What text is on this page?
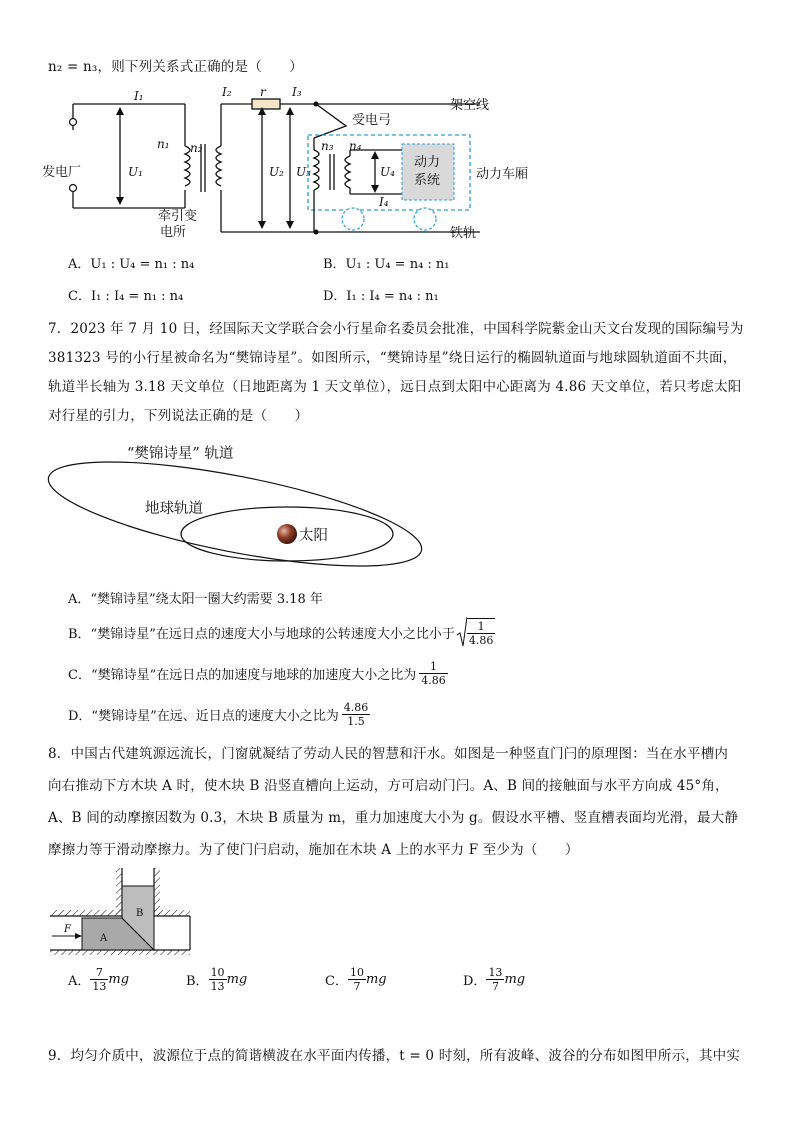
n₂ = n₃，则下列关系式正确的是（　　）
发电厂
牵引变
电所
架空线
受电弓
动力车厢
动力
系统
铁轨
I₁	I₂ r I₃
I₄
U₁	U₂ U₃	U₄
n₁ n₂	n₃ n₄
A．U₁ : U₄ = n₁ : n₄	B．U₁ : U₄ = n₄ : n₁
C．I₁ : I₄ = n₁ : n₄	D．I₁ : I₄ = n₄ : n₁
7．2023 年 7 月 10 日，经国际天文学联合会小行星命名委员会批准，中国科学院紫金山天文台发现的国际编号为
381323 号的小行星被命名为“樊锦诗星”。如图所示，“樊锦诗星”绕日运行的椭圆轨道面与地球圆轨道面不共面，
轨道半长轴为 3.18 天文单位（日地距离为 1 天文单位），远日点到太阳中心距离为 4.86 天文单位，若只考虑太阳
对行星的引力，下列说法正确的是（　　）
“樊锦诗星” 轨道
地球轨道
太阳
A．“樊锦诗星”绕太阳一圈大约需要 3.18 年
B．“樊锦诗星”在远日点的速度大小与地球的公转速度大小之比小于 $\frac{1}{4.86}$
C．“樊锦诗星”在远日点的加速度与地球的加速度大小之比为 $\frac{1}{4.86}$
D．“樊锦诗星”在远、近日点的速度大小之比为 $\frac{4.86}{1.5}$
8．中国古代建筑源远流长，门窗就凝结了劳动人民的智慧和汗水。如图是一种竖直门闩的原理图：当在水平槽内
向右推动下方木块 A 时，使木块 B 沿竖直槽向上运动，方可启动门闩。A、B 间的接触面与水平方向成 45°角，
A、B 间的动摩擦因数为 0.3，木块 B 质量为 m，重力加速度大小为 g。假设水平槽、竖直槽表面均光滑，最大静
摩擦力等于滑动摩擦力。为了使门闩启动，施加在木块 A 上的水平力 F 至少为（　　）
A
B
F
A． $\frac{7}{13}$ mg	B． $\frac{10}{13}$ mg	C． $\frac{10}{7}$ mg	D． $\frac{13}{7}$ mg
9．均匀介质中，波源位于点的简谐横波在水平面内传播，t = 0 时刻，所有波峰、波谷的分布如图甲所示，其中实
